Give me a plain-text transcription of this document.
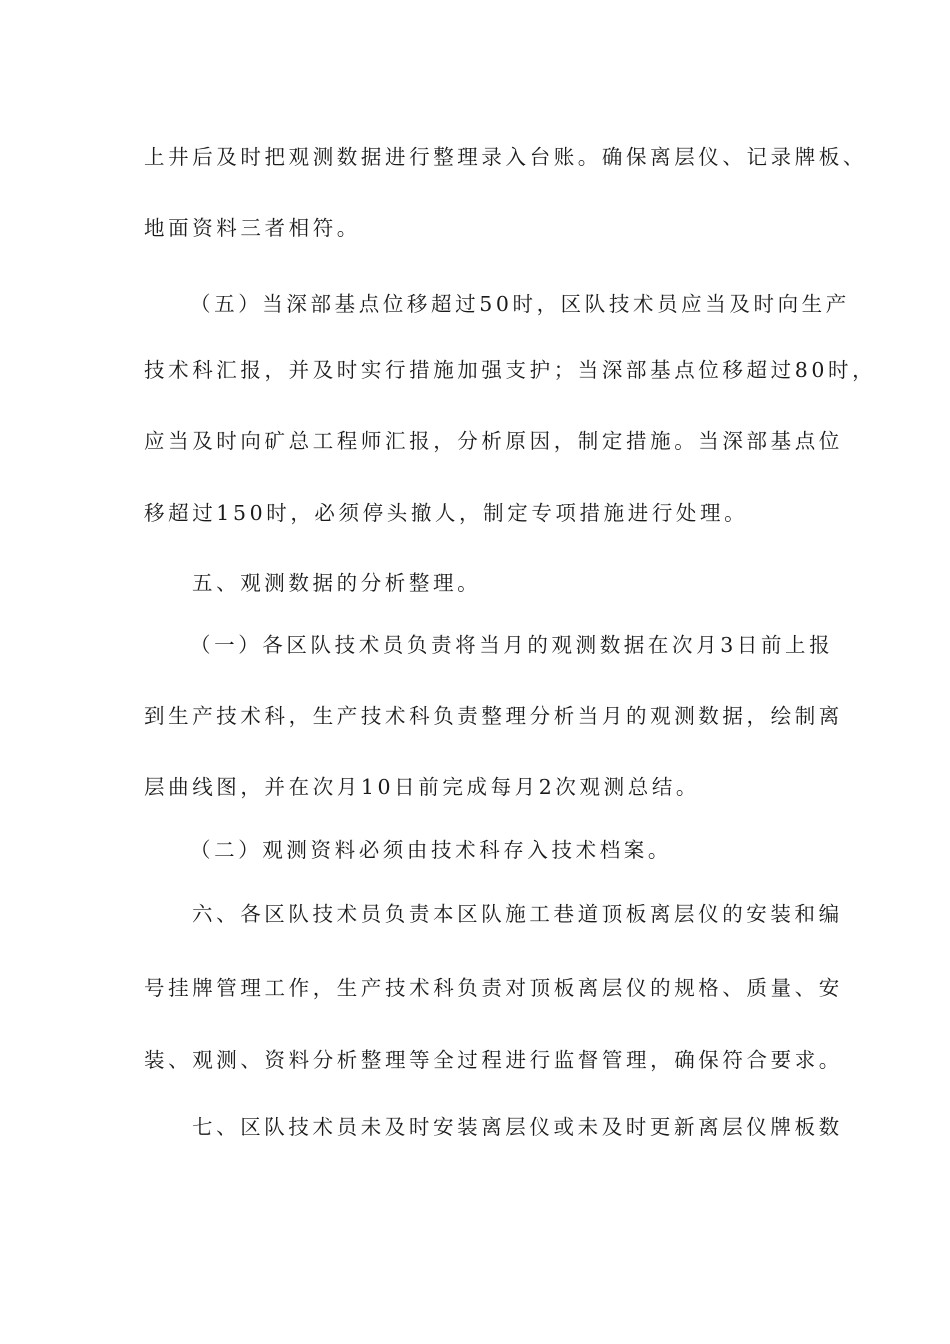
上井后及时把观测数据进行整理录入台账。确保离层仪、记录牌板、
地面资料三者相符。
（五）当深部基点位移超过50时，区队技术员应当及时向生产
技术科汇报，并及时实行措施加强支护；当深部基点位移超过80时，
应当及时向矿总工程师汇报，分析原因，制定措施。当深部基点位
移超过150时，必须停头撤人，制定专项措施进行处理。
五、观测数据的分析整理。
（一）各区队技术员负责将当月的观测数据在次月3日前上报
到生产技术科，生产技术科负责整理分析当月的观测数据，绘制离
层曲线图，并在次月10日前完成每月2次观测总结。
（二）观测资料必须由技术科存入技术档案。
六、各区队技术员负责本区队施工巷道顶板离层仪的安装和编
号挂牌管理工作，生产技术科负责对顶板离层仪的规格、质量、安
装、观测、资料分析整理等全过程进行监督管理，确保符合要求。
七、区队技术员未及时安装离层仪或未及时更新离层仪牌板数
